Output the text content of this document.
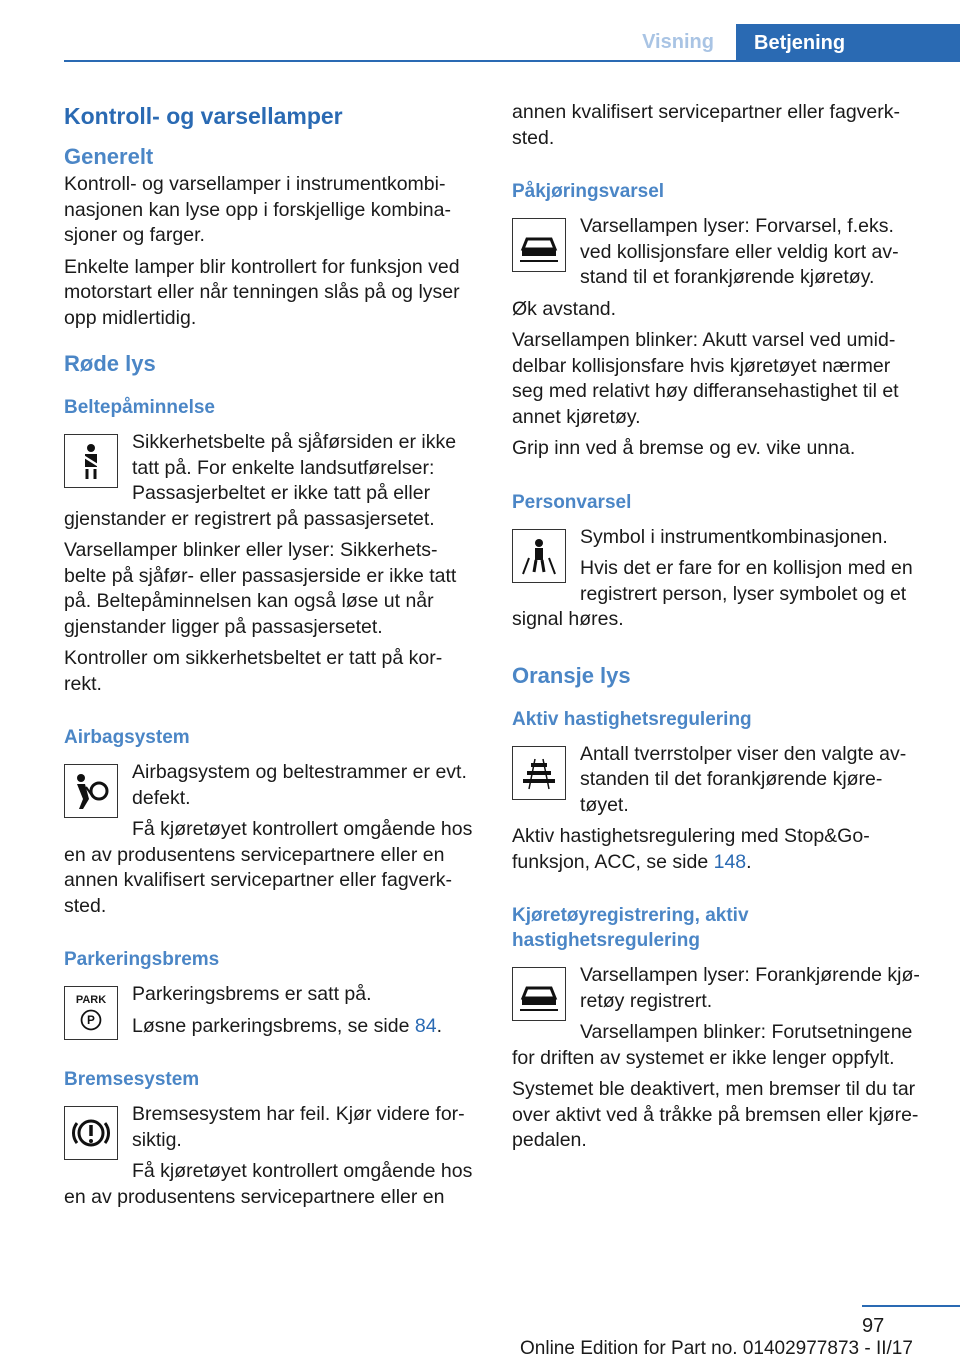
Visning	Betjening
Kontroll- og varsellamper
Generelt

Kontroll- og varsellamper i instrumentkombi-nasjonen kan lyse opp i forskjellige kombina-sjoner og farger.

Enkelte lamper blir kontrollert for funksjon ved motorstart eller når tenningen slås på og lyser opp midlertidig.

Røde lys
Beltepåminnelse

Sikkerhetsbelte på sjåførsiden er ikke tatt på. For enkelte landsutførelser: Passasjerbeltet er ikke tatt på eller gjenstander er registrert på passasjersetet.

Varsellamper blinker eller lyser: Sikkerhets-belte på sjåfør- eller passasjerside er ikke tatt på. Beltepåminnelsen kan også løse ut når gjenstander ligger på passasjersetet.

Kontroller om sikkerhetsbeltet er tatt på kor-rekt.

Airbagsystem

Airbagsystem og beltestrammer er evt. defekt.

Få kjøretøyet kontrollert omgående hos en av produsentens servicepartnere eller en annen kvalifisert servicepartner eller fagverk-sted.

Parkeringsbrems
PARK
P

Parkeringsbrems er satt på.

Løsne parkeringsbrems, se side 84.

Bremsesystem

Bremsesystem har feil. Kjør videre for-siktig.

Få kjøretøyet kontrollert omgående hos en av produsentens servicepartnere eller en

annen kvalifisert servicepartner eller fagverk-sted.

Påkjøringsvarsel

Varsellampen lyser: Forvarsel, f.eks. ved kollisjonsfare eller veldig kort av-stand til et forankjørende kjøretøy.

Øk avstand.

Varsellampen blinker: Akutt varsel ved umid-delbar kollisjonsfare hvis kjøretøyet nærmer seg med relativt høy differansehastighet til et annet kjøretøy.

Grip inn ved å bremse og ev. vike unna.

Personvarsel

Symbol i instrumentkombinasjonen.

Hvis det er fare for en kollisjon med en registrert person, lyser symbolet og et signal høres.

Oransje lys
Aktiv hastighetsregulering

Antall tverrstolper viser den valgte av-standen til det forankjørende kjøre-tøyet.

Aktiv hastighetsregulering med Stop&Go-funksjon, ACC, se side 148.

Kjøretøyregistrering, aktiv hastighetsregulering

Varsellampen lyser: Forankjørende kjø-retøy registrert.

Varsellampen blinker: Forutsetningene for driften av systemet er ikke lenger oppfylt.

Systemet ble deaktivert, men bremser til du tar over aktivt ved å tråkke på bremsen eller kjøre-pedalen.

97
Online Edition for Part no. 01402977873 - II/17
